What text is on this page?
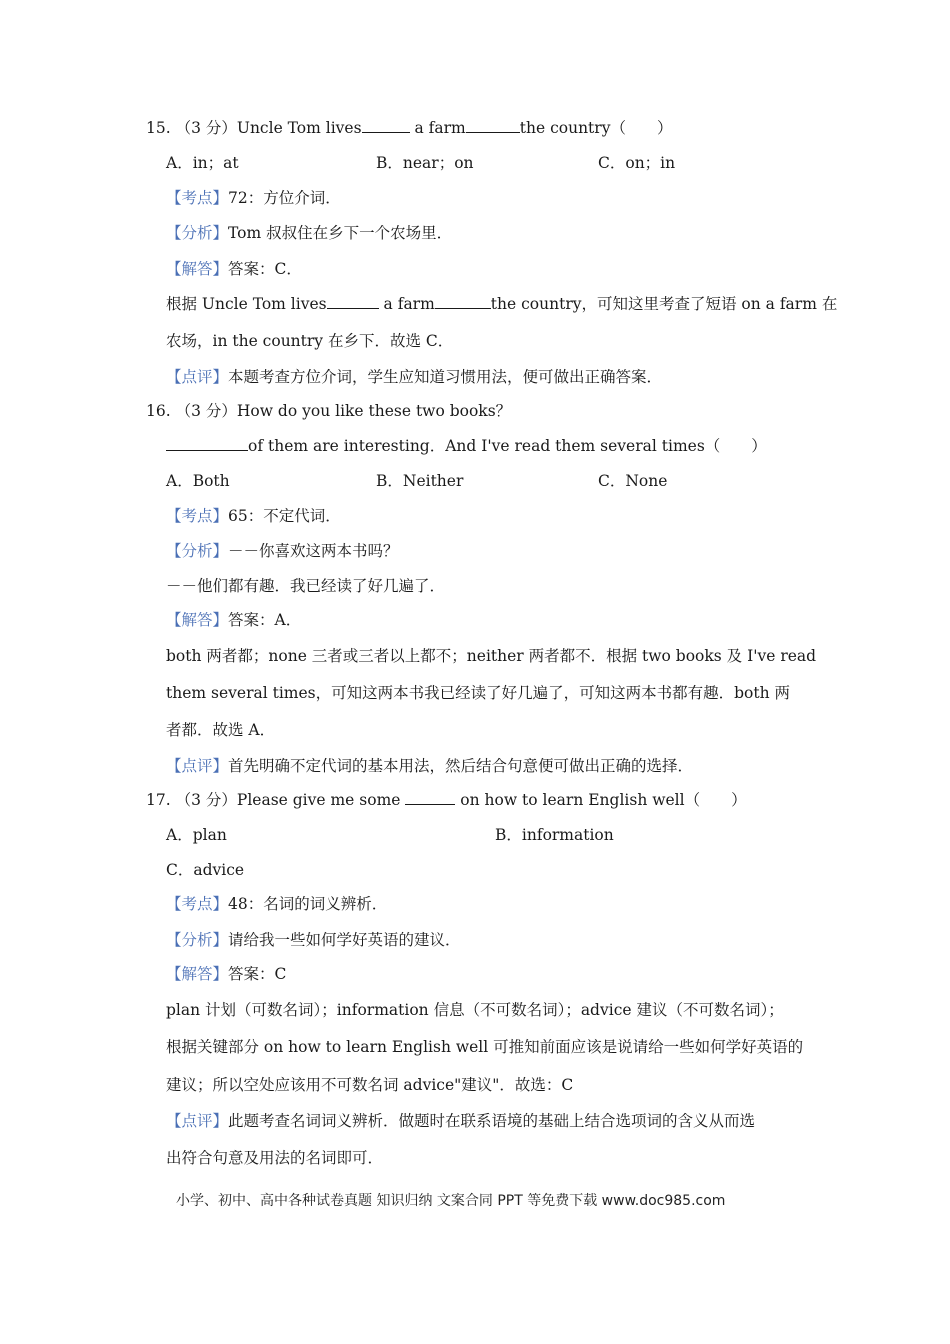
15. （3 分）Uncle Tom lives	a farm	the country（　　）
A．in；at	B．near；on	C．on；in
【考点】72：方位介词．
【分析】Tom 叔叔住在乡下一个农场里．
【解答】答案：C．
根据 Uncle Tom lives	a farm	the country，可知这里考查了短语 on a farm 在
农场，in the country 在乡下．故选 C．
【点评】本题考查方位介词，学生应知道习惯用法，便可做出正确答案．
16. （3 分）How do you like these two books？
of them are interesting．And I've read them several times（　　）
A．Both	B．Neither	C．None
【考点】65：不定代词．
【分析】－－你喜欢这两本书吗？
－－他们都有趣．我已经读了好几遍了．
【解答】答案：A．
both 两者都；none 三者或三者以上都不；neither 两者都不．根据 two books 及 I've read
them several times，可知这两本书我已经读了好几遍了，可知这两本书都有趣．both 两
者都．故选 A．
【点评】首先明确不定代词的基本用法，然后结合句意便可做出正确的选择．
17. （3 分）Please give me some	on how to learn English well（　　）
A．plan	B．information
C．advice
【考点】48：名词的词义辨析．
【分析】请给我一些如何学好英语的建议．
【解答】答案：C
plan 计划（可数名词）；information 信息（不可数名词）；advice 建议（不可数名词）；
根据关键部分 on how to learn English well 可推知前面应该是说请给一些如何学好英语的
建议；所以空处应该用不可数名词 advice"建议"．故选：C
【点评】此题考查名词词义辨析．做题时在联系语境的基础上结合选项词的含义从而选
出符合句意及用法的名词即可．
小学、初中、高中各种试卷真题 知识归纳 文案合同 PPT 等免费下载 www.doc985.com
